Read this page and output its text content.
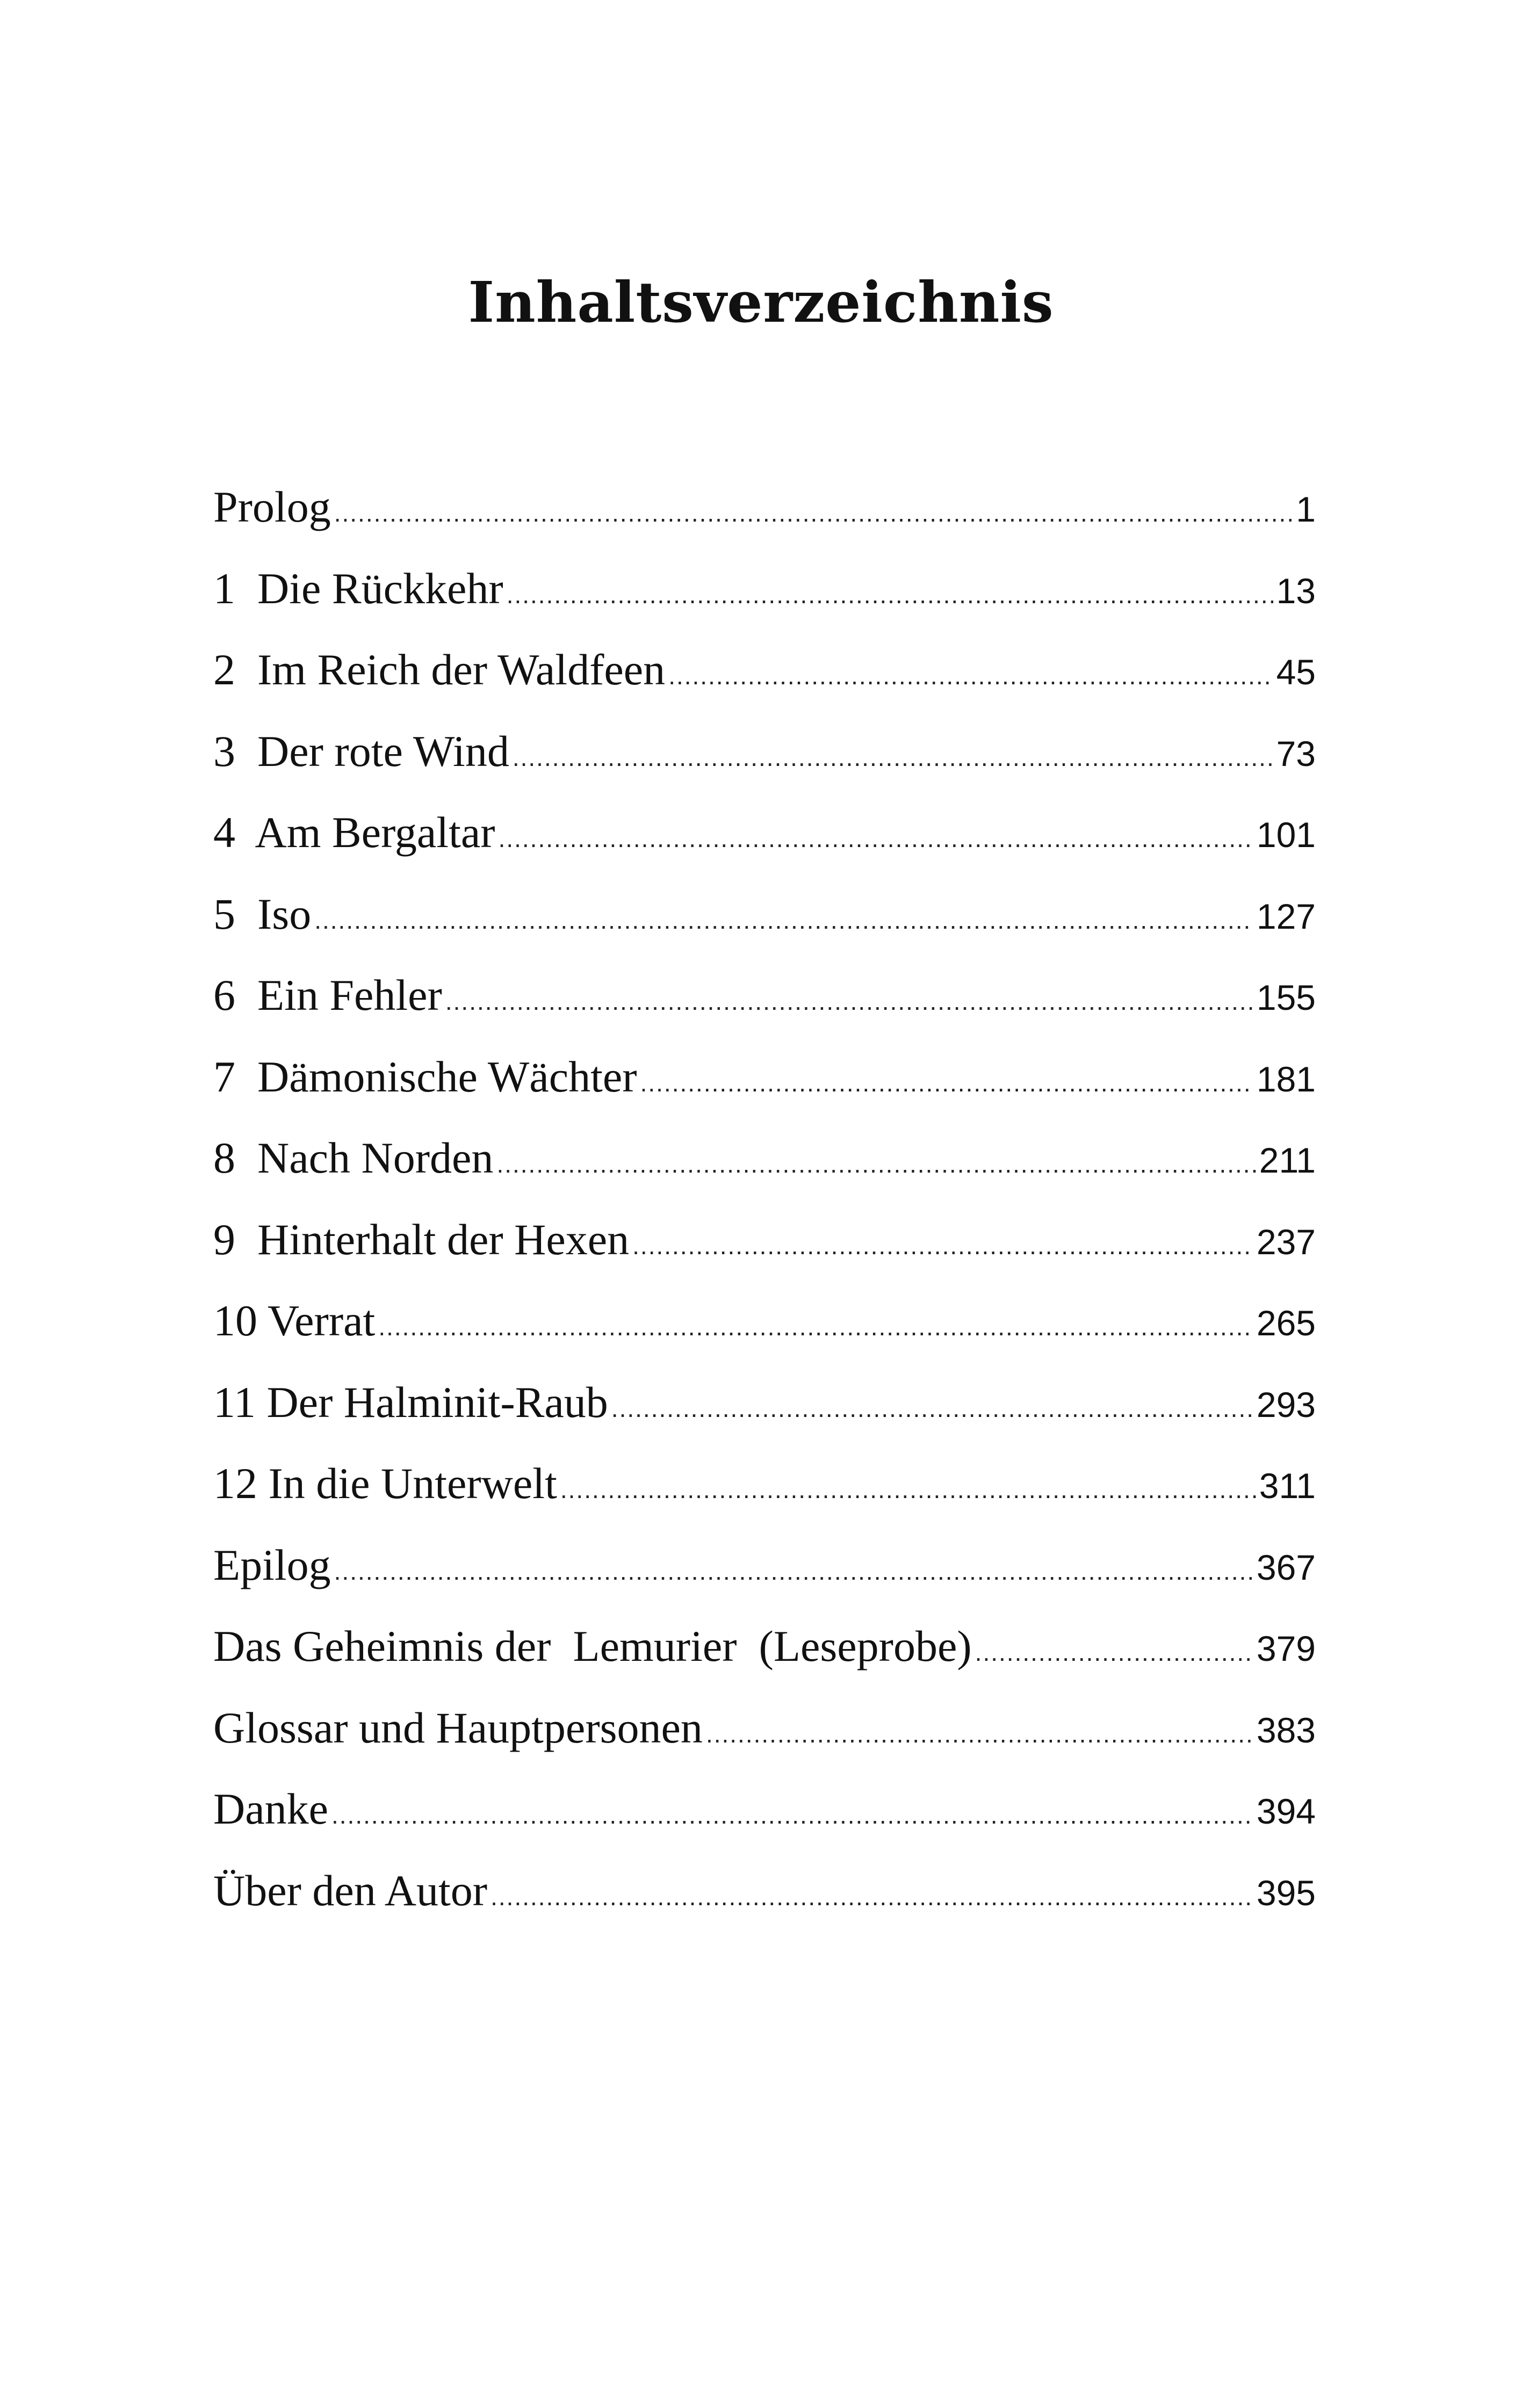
Inhaltsverzeichnis
Prolog .....	1
1  Die Rückkehr .....	13
2  Im Reich der Waldfeen .....	45
3  Der rote Wind .....	73
4  Am Bergaltar .....	101
5  Iso .....	127
6  Ein Fehler .....	155
7  Dämonische Wächter .....	181
8  Nach Norden .....	211
9  Hinterhalt der Hexen .....	237
10 Verrat .....	265
11 Der Halminit-Raub .....	293
12 In die Unterwelt .....	311
Epilog .....	367
Das Geheimnis der  Lemurier  (Leseprobe) .....	379
Glossar und Hauptpersonen .....	383
Danke .....	394
Über den Autor .....	395
